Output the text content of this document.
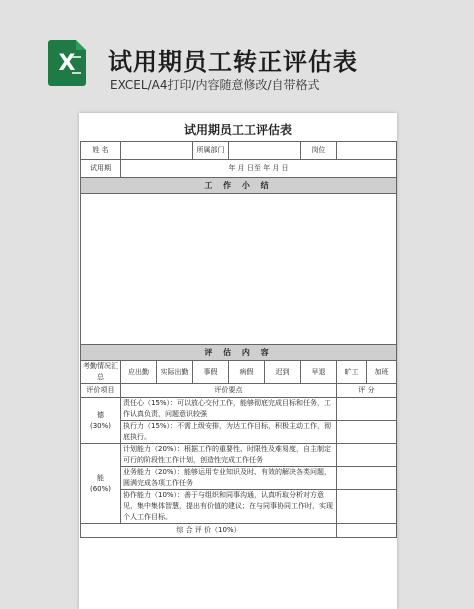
X	试用期员工转正评估表
EXCEL/A4打印/内容随意修改/自带格式
试用期员工工评估表
姓 名			所属部门			岗位		
试用期	年 月 日至 年 月 日							
工 作 小 结								

评 估 内 容								
考勤情况汇总	应出勤	实际出勤	事假	病假	迟到	早退	旷工	加班
评价项目	评价要点						评 分	

德
(30%)	责任心（15%）：可以放心交付工作，能够彻底完成目标和任务，工作认真负责，问题意识较强							
	执行力（15%）：不需上级安排，为达工作目标，积极主动工作，彻底执行。							

能
(60%)	计划能力（20%）：根据工作的重要性、时限性及难易度，自主制定可行的阶段性工作计划，创造性完成工作任务							
	业务能力（20%）：能够运用专业知识及时、有效的解决各类问题，圆满完成各项工作任务							
	协作能力（10%）：善于与组织和同事沟通，认真听取分析对方意见，集中集体智慧，提出有价值的建议；在与同事协同工作时，实现个人工作目标。							
综 合 评 价（10%）								
